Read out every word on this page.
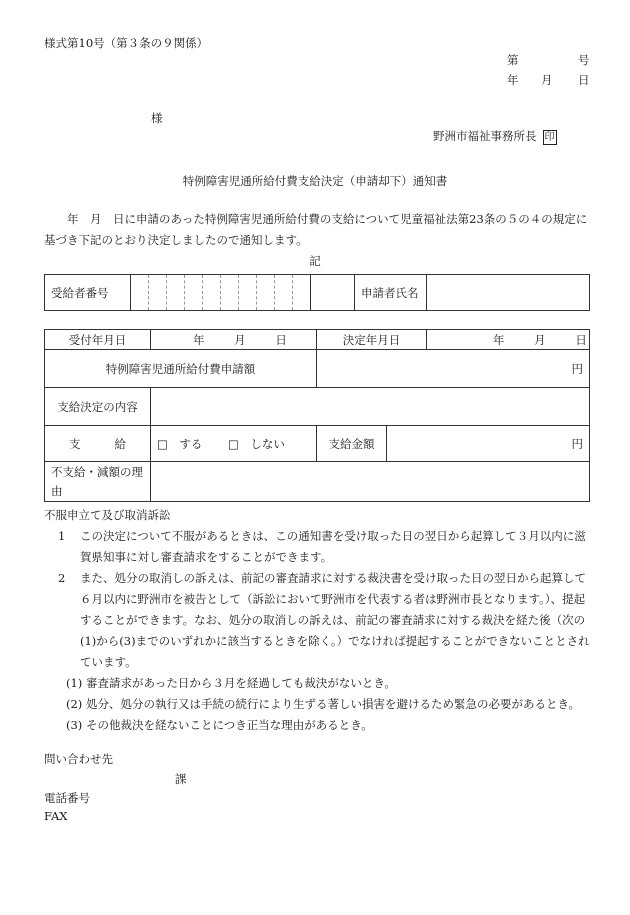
様式第10号（第３条の９関係）
第	号
年 月 日
様
野洲市福祉事務所長 印
特例障害児通所給付費支給決定（申請却下）通知書
年　月　日に申請のあった特例障害児通所給付費の支給について児童福祉法第23条の５の４の規定に基づき下記のとおり決定しましたので通知します。
記
受給者番号												申請者氏名	
受付年月日	年 月 日	決定年月日		年 月 日
特例障害児通所給付費申請額		円		
支給決定の内容				
支 給	□　する □　しない	支給金額	円	
不支給・減額の理由				
不服申立て及び取消訴訟
1 この決定について不服があるときは、この通知書を受け取った日の翌日から起算して３月以内に滋賀県知事に対し審査請求をすることができます。
2 また、処分の取消しの訴えは、前記の審査請求に対する裁決書を受け取った日の翌日から起算して６月以内に野洲市を被告として（訴訟において野洲市を代表する者は野洲市長となります。）、提起することができます。なお、処分の取消しの訴えは、前記の審査請求に対する裁決を経た後（次の(1)から(3)までのいずれかに該当するときを除く。）でなければ提起することができないこととされています。
(1) 審査請求があった日から３月を経過しても裁決がないとき。
(2) 処分、処分の執行又は手続の続行により生ずる著しい損害を避けるため緊急の必要があるとき。
(3) その他裁決を経ないことにつき正当な理由があるとき。
問い合わせ先
課
電話番号
FAX
